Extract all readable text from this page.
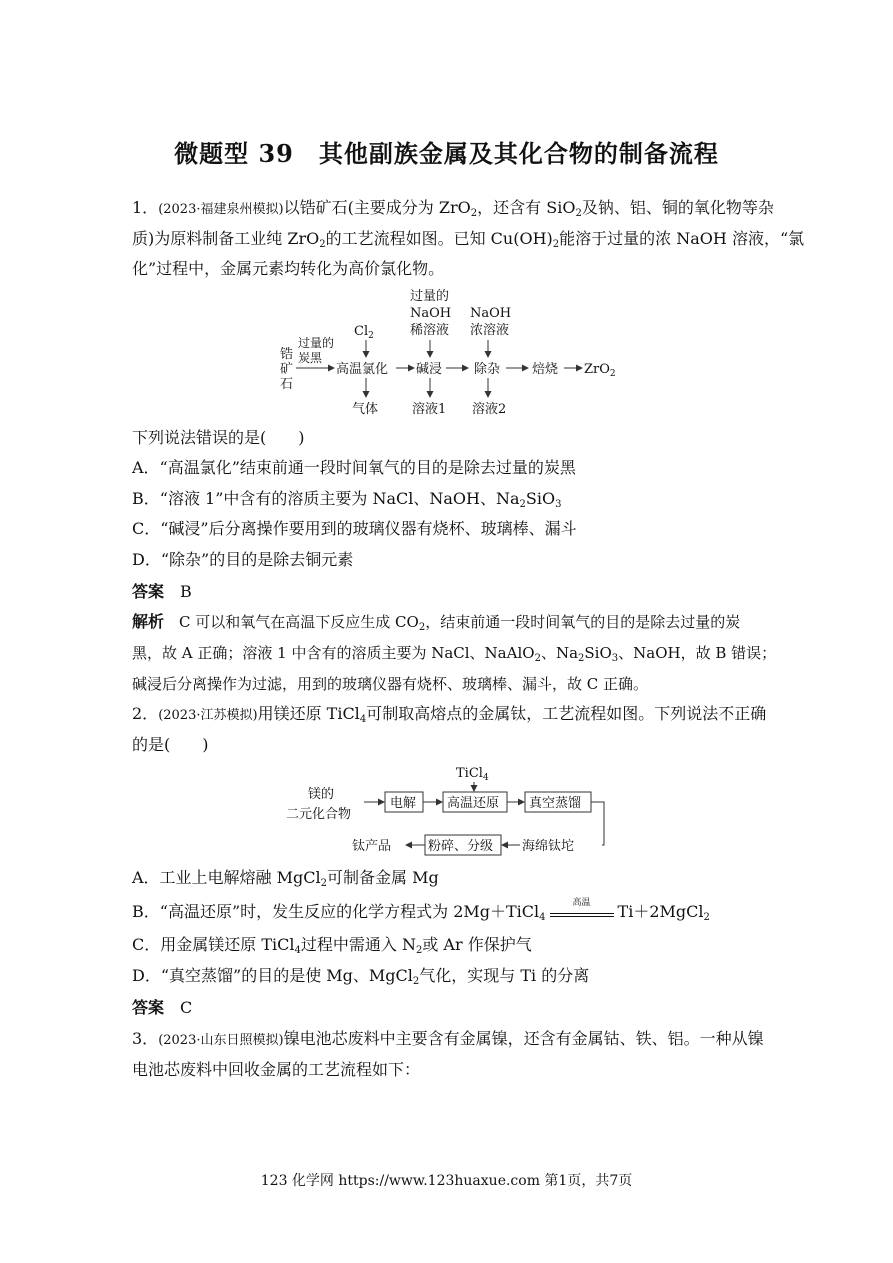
微题型 39　其他副族金属及其化合物的制备流程
1．(2023·福建泉州模拟)以锆矿石(主要成分为 ZrO$_2$，还含有 SiO$_2$及钠、铝、铜的氧化物等杂
质)为原料制备工业纯 ZrO$_2$的工艺流程如图。已知 $Cu(OH)_2$能溶于过量的浓 NaOH 溶液，“氯
化”过程中，金属元素均转化为高价氯化物。
锆
矿
石
过量的
炭黑
$Cl_2$
高温氯化
气体
过量的
NaOH
稀溶液
碱浸
溶液1
NaOH
浓溶液
除杂
溶液2
焙烧 ZrO$_2$
下列说法错误的是(　　)
A．“高温氯化”结束前通一段时间氧气的目的是除去过量的炭黑
B．“溶液 1”中含有的溶质主要为 NaCl、NaOH、$Na_2SiO_3$
C．“碱浸”后分离操作要用到的玻璃仪器有烧杯、玻璃棒、漏斗
D．“除杂”的目的是除去铜元素
答案　 B
解析　 C 可以和氧气在高温下反应生成 $CO_2$，结束前通一段时间氧气的目的是除去过量的炭
黑，故 A 正确；溶液 1 中含有的溶质主要为 NaCl、NaAlO$_2$、$Na_2SiO_3$、NaOH，故 B 错误；
碱浸后分离操作为过滤，用到的玻璃仪器有烧杯、玻璃棒、漏斗，故 C 正确。
2．(2023·江苏模拟)用镁还原 TiCl$_4$可制取高熔点的金属钛，工艺流程如图。下列说法不正确
的是(　　)
镁的
二元化合物
电解
TiCl$_4$
高温还原 真空蒸馏
海绵钛坨
粉碎、分级
钛产品
A．工业上电解熔融 MgCl$_2$可制备金属 Mg
B．“高温还原”时，发生反应的化学方程式为 2Mg＋TiCl$_4$
高温	Ti＋2MgCl$_2$
C．用金属镁还原 TiCl$_4$过程中需通入 $N_2$或 Ar 作保护气
D．“真空蒸馏”的目的是使 Mg、MgCl$_2$气化，实现与 Ti 的分离
答案　 C
3．(2023·山东日照模拟)镍电池芯废料中主要含有金属镍，还含有金属钴、铁、铝。一种从镍
电池芯废料中回收金属的工艺流程如下：
123 化学网 https://www.123huaxue.com 第1页，共7页
